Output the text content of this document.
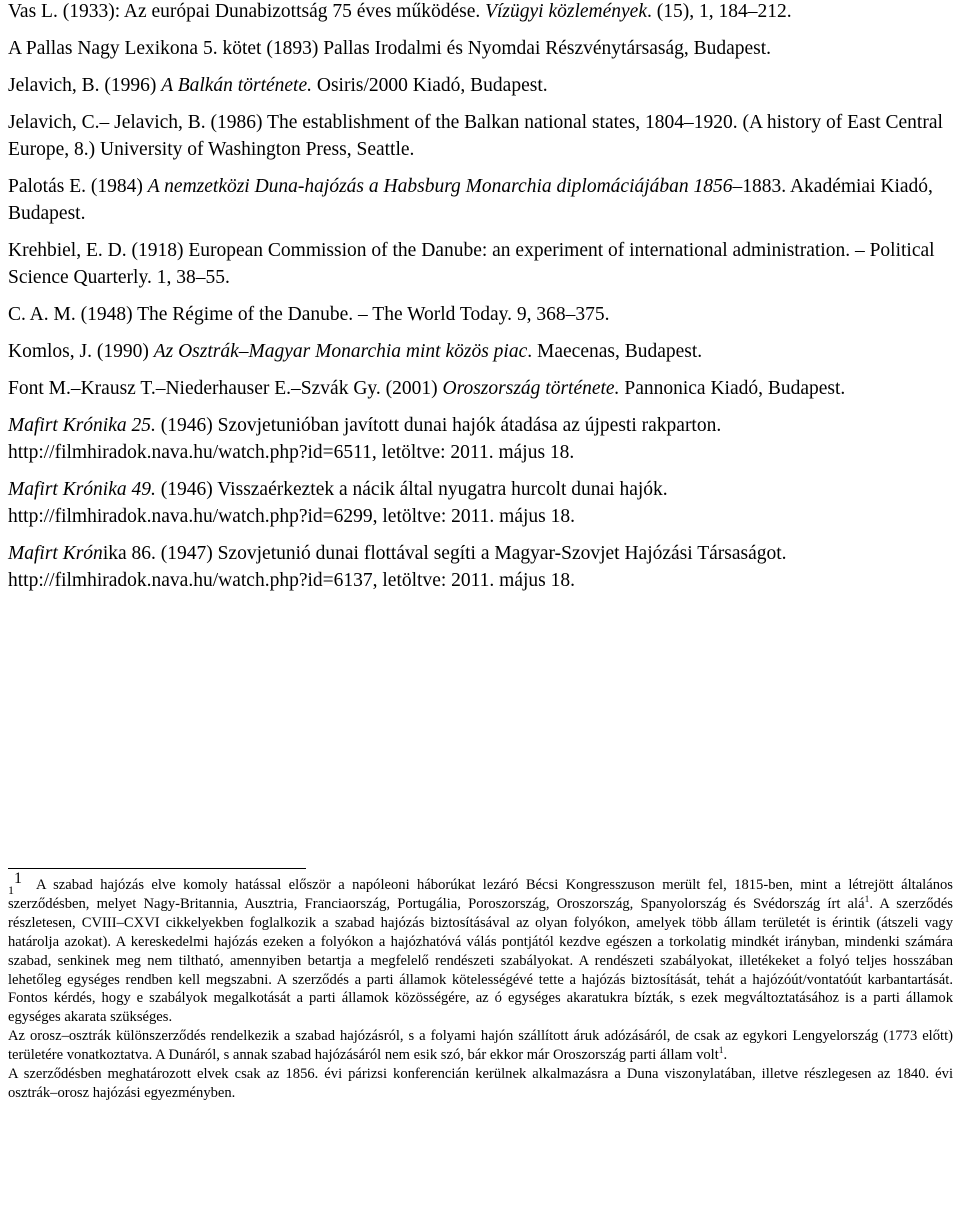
Vas L. (1933): Az európai Dunabizottság 75 éves működése. Vízügyi közlemények. (15), 1, 184–212.

A Pallas Nagy Lexikona 5. kötet (1893) Pallas Irodalmi és Nyomdai Részvénytársaság, Budapest.

Jelavich, B. (1996) A Balkán története. Osiris/2000 Kiadó, Budapest.

Jelavich, C.– Jelavich, B. (1986) The establishment of the Balkan national states, 1804–1920. (A history of East Central Europe, 8.) University of Washington Press, Seattle.

Palotás E. (1984) A nemzetközi Duna-hajózás a Habsburg Monarchia diplomáciájában 1856–1883. Akadémiai Kiadó, Budapest.

Krehbiel, E. D. (1918) European Commission of the Danube: an experiment of international administration. – Political Science Quarterly. 1, 38–55.

C. A. M. (1948) The Régime of the Danube. – The World Today. 9, 368–375.

Komlos, J. (1990) Az Osztrák–Magyar Monarchia mint közös piac. Maecenas, Budapest.

Font M.–Krausz T.–Niederhauser E.–Szvák Gy. (2001) Oroszország története. Pannonica Kiadó, Budapest.

Mafirt Krónika 25. (1946) Szovjetunióban javított dunai hajók átadása az újpesti rakparton. http://filmhiradok.nava.hu/watch.php?id=6511, letöltve: 2011. május 18.

Mafirt Krónika 49. (1946) Visszaérkeztek a nácik által nyugatra hurcolt dunai hajók. http://filmhiradok.nava.hu/watch.php?id=6299, letöltve: 2011. május 18.

Mafirt Krónika 86. (1947) Szovjetunió dunai flottával segíti a Magyar-Szovjet Hajózási Társaságot. http://filmhiradok.nava.hu/watch.php?id=6137, letöltve: 2011. május 18.

$_1$1 A szabad hajózás elve komoly hatással először a napóleoni háborúkat lezáró Bécsi Kongresszuson merült fel, 1815-ben, mint a létrejött általános szerződésben, melyet Nagy-Britannia, Ausztria, Franciaország, Portugália, Poroszország, Oroszország, Spanyolország és Svédország írt alá$^1$. A szerződés részletesen, CVIII–CXVI cikkelyekben foglalkozik a szabad hajózás biztosításával az olyan folyókon, amelyek több állam területét is érintik (átszeli vagy határolja azokat). A kereskedelmi hajózás ezeken a folyókon a hajózhatóvá válás pontjától kezdve egészen a torkolatig mindkét irányban, mindenki számára szabad, senkinek meg nem tiltható, amennyiben betartja a megfelelő rendészeti szabályokat. A rendészeti szabályokat, illetékeket a folyó teljes hosszában lehetőleg egységes rendben kell megszabni. A szerződés a parti államok kötelességévé tette a hajózás biztosítását, tehát a hajózóút/vontatóút karbantartását. Fontos kérdés, hogy e szabályok megalkotását a parti államok közösségére, az ó egységes akaratukra bízták, s ezek megváltoztatásához is a parti államok egységes akarata szükséges.

Az orosz–osztrák különszerződés rendelkezik a szabad hajózásról, s a folyami hajón szállított áruk adózásáról, de csak az egykori Lengyelország (1773 előtt) területére vonatkoztatva. A Dunáról, s annak szabad hajózásáról nem esik szó, bár ekkor már Oroszország parti állam volt$^1$.

A szerződésben meghatározott elvek csak az 1856. évi párizsi konferencián kerülnek alkalmazásra a Duna viszonylatában, illetve részlegesen az 1840. évi osztrák–orosz hajózási egyezményben.
